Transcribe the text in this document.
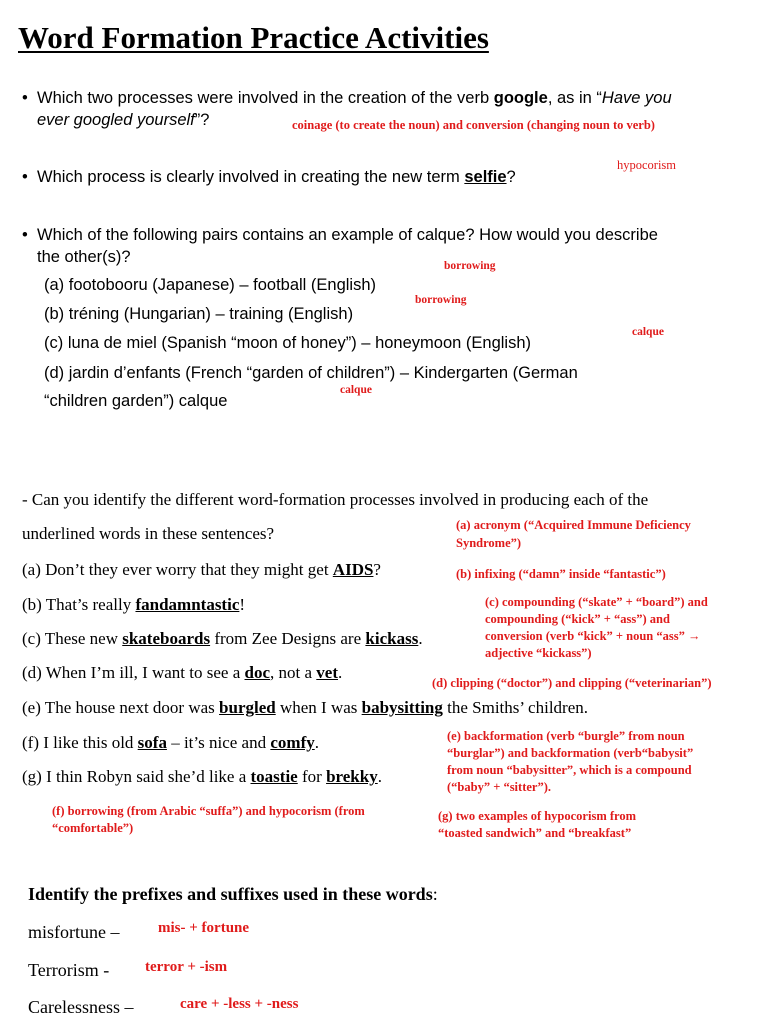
Word Formation Practice Activities
• Which two processes were involved in the creation of the verb google, as in “Have you
ever googled yourself”?	coinage (to create the noun) and conversion (changing noun to verb)
• Which process is clearly involved in creating the new term selfie?
hypocorism
• Which of the following pairs contains an example of calque? How would you describe
the other(s)?
(a) footobooru (Japanese) – football (English)
(b) tréning (Hungarian) – training (English)
(c) luna de miel (Spanish “moon of honey”) – honeymoon (English)
(d) jardin d’enfants (French “garden of children”) – Kindergarten (German
“children garden”) calque
borrowing
borrowing
calque
calque
- Can you identify the different word-formation processes involved in producing each of the
underlined words in these sentences?
(a) Don’t they ever worry that they might get AIDS?
(b) That’s really fandamntastic!
(c) These new skateboards from Zee Designs are kickass.
(d) When I’m ill, I want to see a doc, not a vet.
(e) The house next door was burgled when I was babysitting the Smiths’ children.
(f) I like this old sofa – it’s nice and comfy.
(g) I thin Robyn said she’d like a toastie for brekky.
(a) acronym (“Acquired Immune Deficiency
Syndrome”)
(b) infixing (“damn” inside “fantastic”)
(c) compounding (“skate” + “board”) and
compounding (“kick” + “ass”) and
conversion (verb “kick” + noun “ass” →
adjective “kickass”)
(d) clipping (“doctor”) and clipping (“veterinarian”)
(e) backformation (verb “burgle” from noun
“burglar”) and backformation (verb“babysit”
from noun “babysitter”, which is a compound
(“baby” + “sitter”).
(f) borrowing (from Arabic “suffa”) and hypocorism (from
“comfortable”)
(g) two examples of hypocorism from
“toasted sandwich” and “breakfast”
Identify the prefixes and suffixes used in these words:
misfortune –	mis- + fortune
Terrorism - terror + -ism
Carelessness –	care + -less + -ness
